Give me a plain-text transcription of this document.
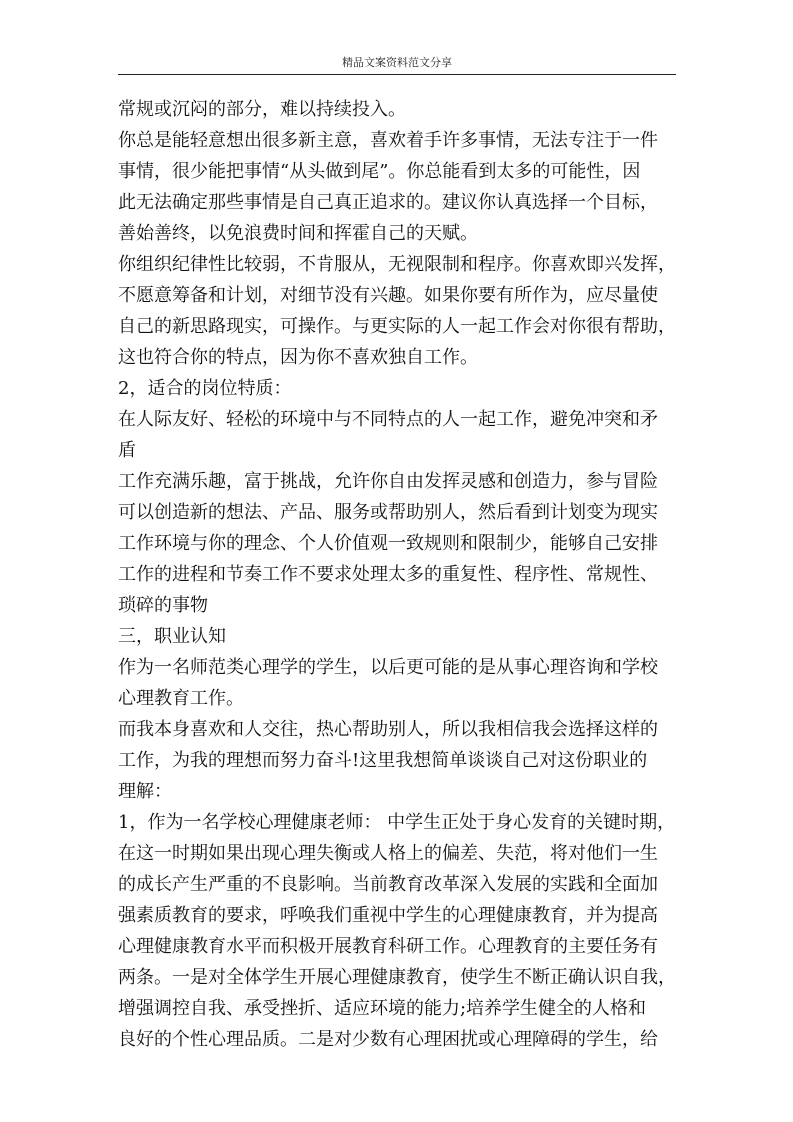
精品文案资料范文分享
常规或沉闷的部分，难以持续投入。
你总是能轻意想出很多新主意，喜欢着手许多事情，无法专注于一件
事情，很少能把事情“从头做到尾”。你总能看到太多的可能性，因
此无法确定那些事情是自己真正追求的。建议你认真选择一个目标，
善始善终，以免浪费时间和挥霍自己的天赋。
你组织纪律性比较弱，不肯服从，无视限制和程序。你喜欢即兴发挥，
不愿意筹备和计划，对细节没有兴趣。如果你要有所作为，应尽量使
自己的新思路现实，可操作。与更实际的人一起工作会对你很有帮助，
这也符合你的特点，因为你不喜欢独自工作。
2，适合的岗位特质：
在人际友好、轻松的环境中与不同特点的人一起工作，避免冲突和矛
盾
工作充满乐趣，富于挑战，允许你自由发挥灵感和创造力，参与冒险
可以创造新的想法、产品、服务或帮助别人，然后看到计划变为现实
工作环境与你的理念、个人价值观一致规则和限制少，能够自己安排
工作的进程和节奏工作不要求处理太多的重复性、程序性、常规性、
琐碎的事物
三，职业认知
作为一名师范类心理学的学生，以后更可能的是从事心理咨询和学校
心理教育工作。
而我本身喜欢和人交往，热心帮助别人，所以我相信我会选择这样的
工作，为我的理想而努力奋斗!这里我想简单谈谈自己对这份职业的
理解：
1，作为一名学校心理健康老师： 中学生正处于身心发育的关键时期，
在这一时期如果出现心理失衡或人格上的偏差、失范，将对他们一生
的成长产生严重的不良影响。当前教育改革深入发展的实践和全面加
强素质教育的要求，呼唤我们重视中学生的心理健康教育，并为提高
心理健康教育水平而积极开展教育科研工作。心理教育的主要任务有
两条。一是对全体学生开展心理健康教育，使学生不断正确认识自我，
增强调控自我、承受挫折、适应环境的能力;培养学生健全的人格和
良好的个性心理品质。二是对少数有心理困扰或心理障碍的学生，给
